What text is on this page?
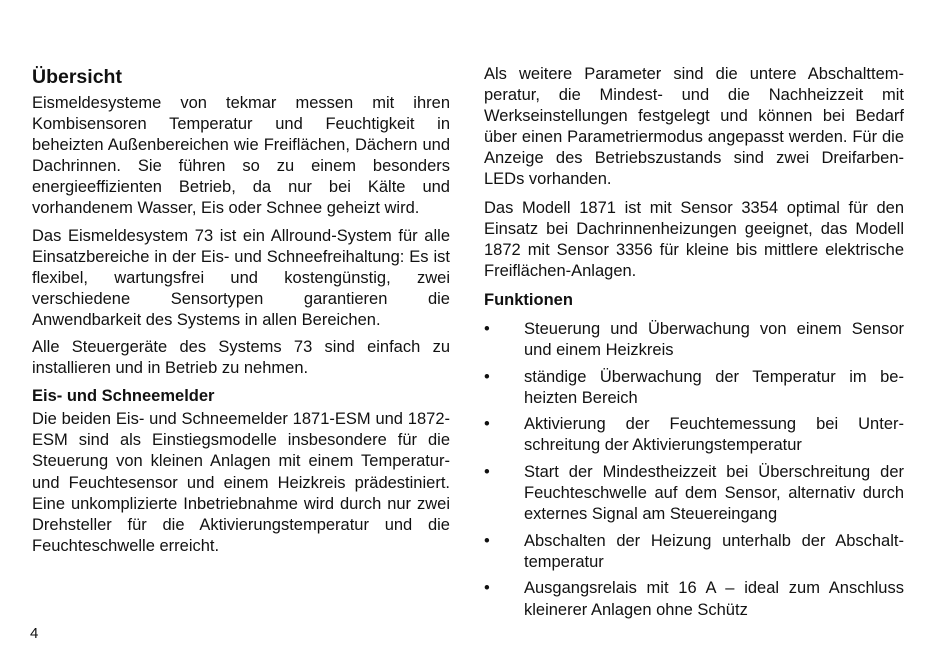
Übersicht

Eismeldesysteme von tekmar messen mit ihren Kombisensoren Temperatur und Feuchtigkeit in beheizten Außenbereichen wie Freiflächen, Dächern und Dachrinnen. Sie führen so zu einem besonders energieeffizienten Betrieb, da nur bei Kälte und vorhandenem Wasser, Eis oder Schnee geheizt wird.

Das Eismeldesystem 73 ist ein Allround-System für alle Einsatzbereiche in der Eis- und Schneefreihaltung: Es ist flexibel, wartungsfrei und kostengünstig, zwei verschiedene Sensortypen garantieren die Anwendbarkeit des Systems in allen Bereichen.

Alle Steuergeräte des Systems 73 sind einfach zu installieren und in Betrieb zu nehmen.

Eis- und Schneemelder

Die beiden Eis- und Schneemelder 1871-ESM und 1872-ESM sind als Einstiegsmodelle insbesondere für die Steuerung von kleinen Anlagen mit einem Temperatur- und Feuchtesensor und einem Heizkreis prädestiniert. Eine unkomplizierte Inbetriebnahme wird durch nur zwei Drehsteller für die Aktivierungstemperatur und die Feuchteschwelle erreicht.

Als weitere Parameter sind die untere Abschalttemperatur, die Mindest- und die Nachheizzeit mit Werkseinstellungen festgelegt und können bei Bedarf über einen Parametriermodus angepasst werden. Für die Anzeige des Betriebszustands sind zwei Dreifarben-LEDs vorhanden.

Das Modell 1871 ist mit Sensor 3354 optimal für den Einsatz bei Dachrinnenheizungen geeignet, das Modell 1872 mit Sensor 3356 für kleine bis mittlere elektrische Freiflächen-Anlagen.

Funktionen
•	Steuerung und Überwachung von einem Sensor und einem Heizkreis
•	ständige Überwachung der Temperatur im beheizten Bereich
•	Aktivierung der Feuchtemessung bei Unterschreitung der Aktivierungstemperatur
•	Start der Mindestheizzeit bei Überschreitung der Feuchteschwelle auf dem Sensor, alternativ durch externes Signal am Steuereingang
•	Abschalten der Heizung unterhalb der Abschalttemperatur
•	Ausgangsrelais mit 16 A – ideal zum Anschluss kleinerer Anlagen ohne Schütz
4
